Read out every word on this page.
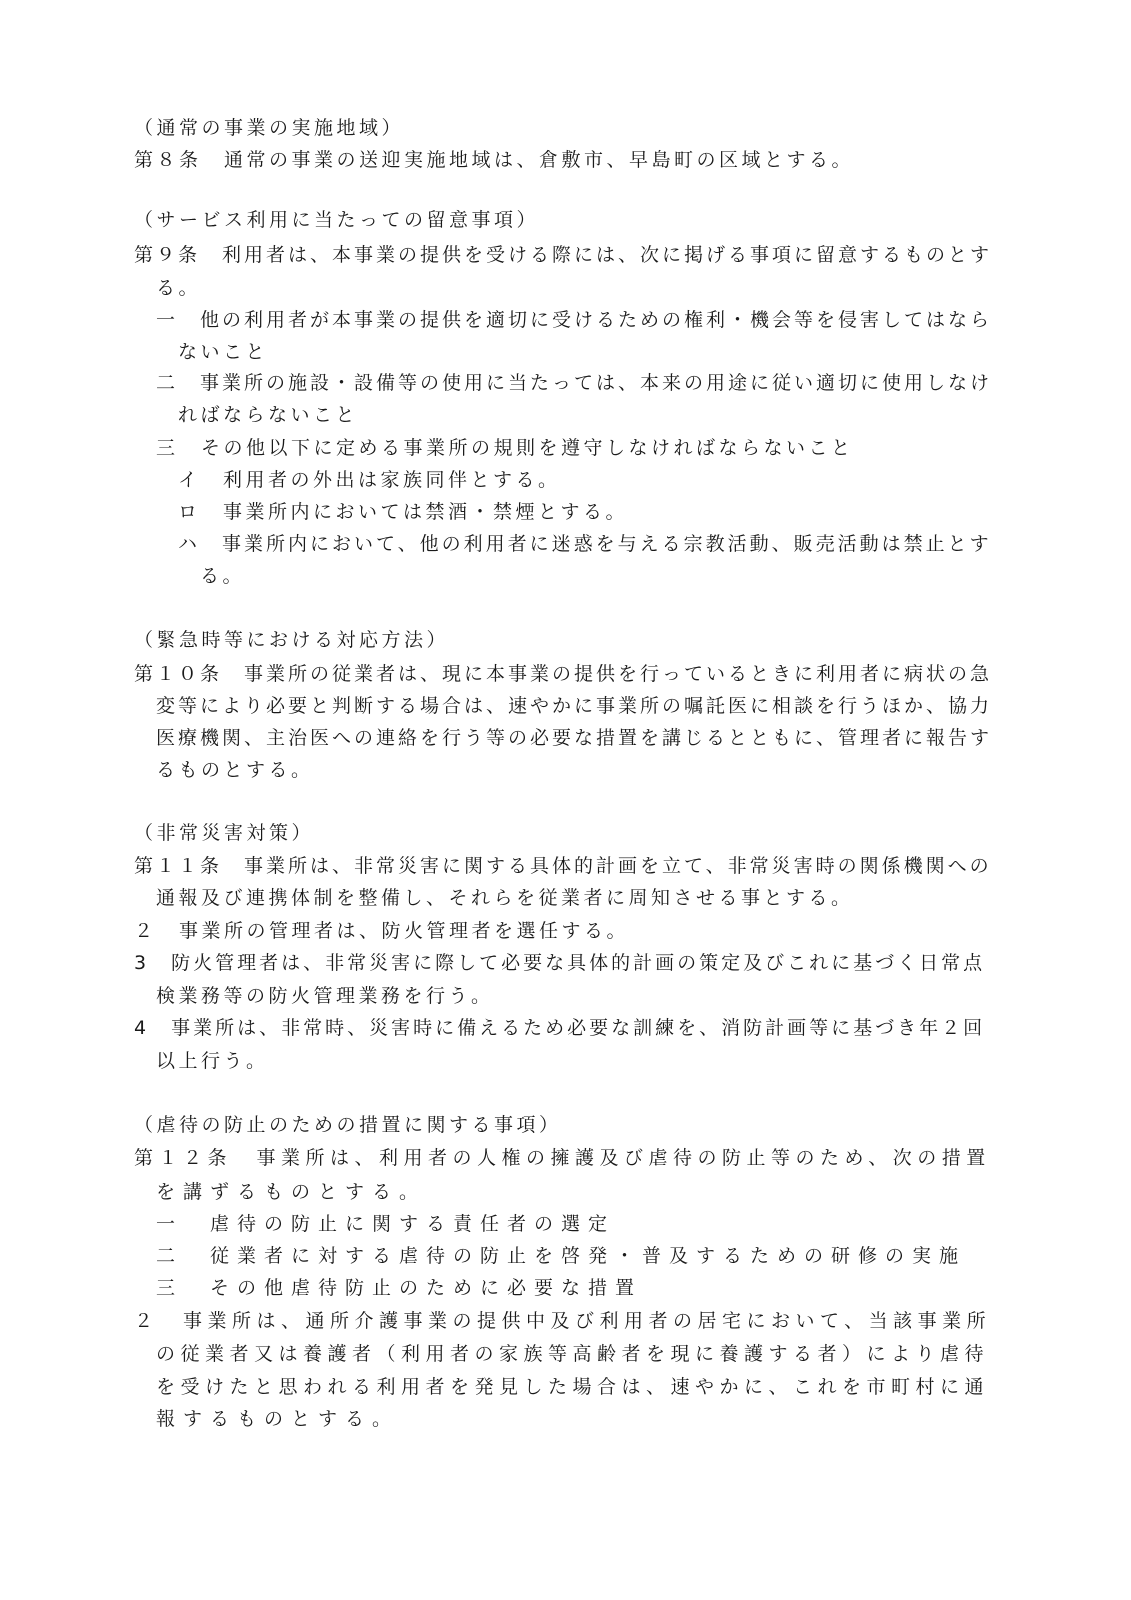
（通常の事業の実施地域）
第８条　通常の事業の送迎実施地域は、倉敷市、早島町の区域とする。
（サービス利用に当たっての留意事項）
第９条　利用者は、本事業の提供を受ける際には、次に掲げる事項に留意するものとす
る。
一　他の利用者が本事業の提供を適切に受けるための権利・機会等を侵害してはなら
ないこと
二　事業所の施設・設備等の使用に当たっては、本来の用途に従い適切に使用しなけ
ればならないこと
三　その他以下に定める事業所の規則を遵守しなければならないこと
イ　利用者の外出は家族同伴とする。
ロ　事業所内においては禁酒・禁煙とする。
ハ　事業所内において、他の利用者に迷惑を与える宗教活動、販売活動は禁止とす
る。
（緊急時等における対応方法）
第１０条　事業所の従業者は、現に本事業の提供を行っているときに利用者に病状の急
変等により必要と判断する場合は、速やかに事業所の嘱託医に相談を行うほか、協力
医療機関、主治医への連絡を行う等の必要な措置を講じるとともに、管理者に報告す
るものとする。
（非常災害対策）
第１１条　事業所は、非常災害に関する具体的計画を立て、非常災害時の関係機関への
通報及び連携体制を整備し、それらを従業者に周知させる事とする。
２　事業所の管理者は、防火管理者を選任する。
3　防火管理者は、非常災害に際して必要な具体的計画の策定及びこれに基づく日常点
検業務等の防火管理業務を行う。
4　事業所は、非常時、災害時に備えるため必要な訓練を、消防計画等に基づき年２回
以上行う。
（虐待の防止のための措置に関する事項）
第１２条　事業所は、利用者の人権の擁護及び虐待の防止等のため、次の措置
を講ずるものとする。
一　虐待の防止に関する責任者の選定
二　従業者に対する虐待の防止を啓発・普及するための研修の実施
三　その他虐待防止のために必要な措置
２　事業所は、通所介護事業の提供中及び利用者の居宅において、当該事業所
の従業者又は養護者（利用者の家族等高齢者を現に養護する者）により虐待
を受けたと思われる利用者を発見した場合は、速やかに、これを市町村に通
報するものとする。
